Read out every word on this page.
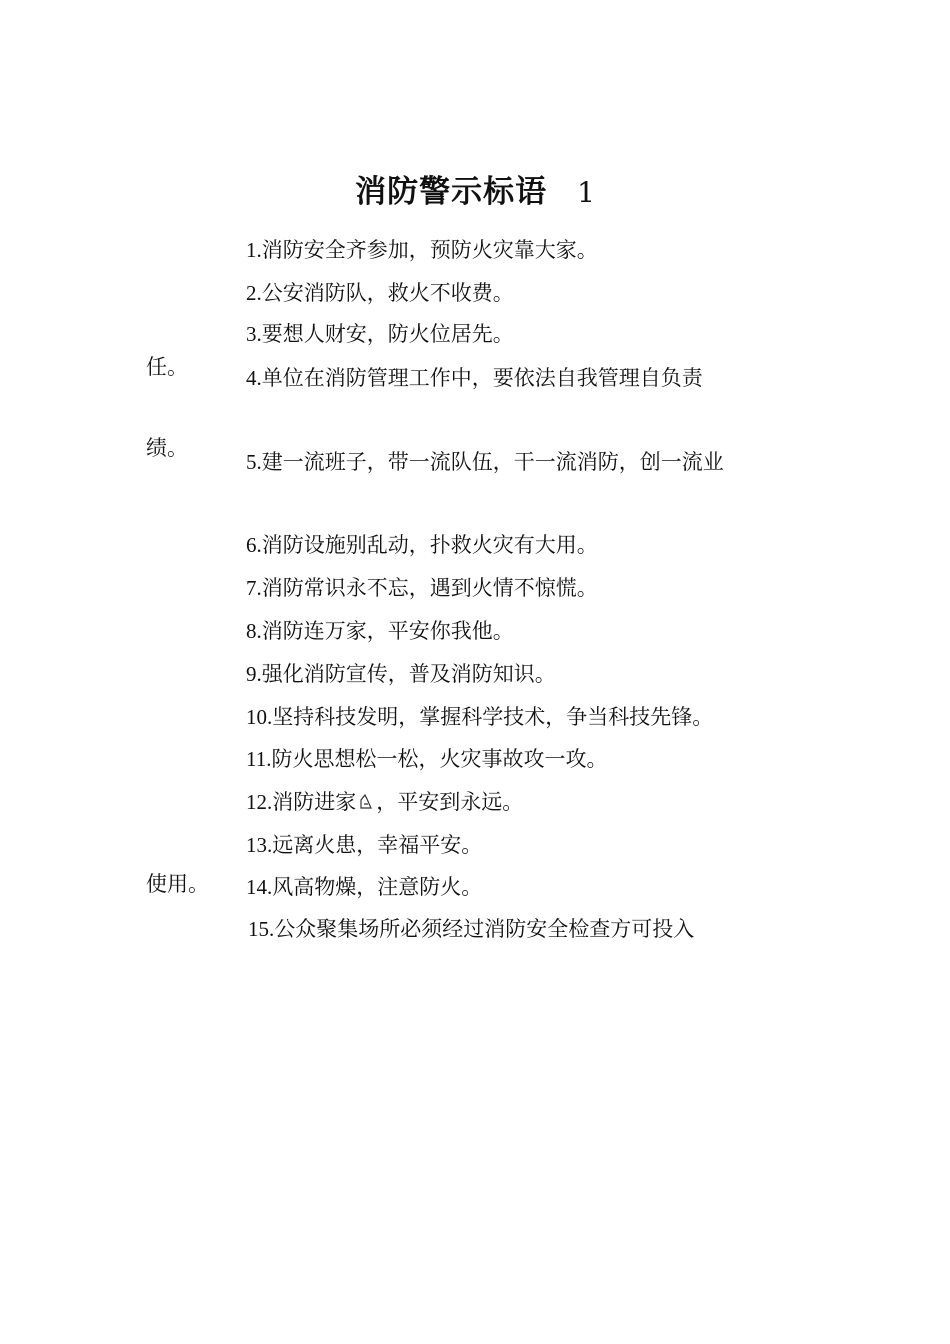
消防警示标语 1
1.消防安全齐参加，预防火灾靠大家。
2.公安消防队，救火不收费。
3.要想人财安，防火位居先。
任。	4.单位在消防管理工作中，要依法自我管理自负责
绩。
5.建一流班子，带一流队伍，干一流消防，创一流业
6.消防设施别乱动，扑救火灾有大用。
7.消防常识永不忘，遇到火情不惊慌。
8.消防连万家，平安你我他。
9.强化消防宣传，普及消防知识。
10.坚持科技发明，掌握科学技术，争当科技先锋。
11.防火思想松一松，火灾事故攻一攻。
12.消防进家 ，平安到永远。
13.远离火患，幸福平安。
使用。 14.风高物燥，注意防火。
15.公众聚集场所必须经过消防安全检查方可投入
